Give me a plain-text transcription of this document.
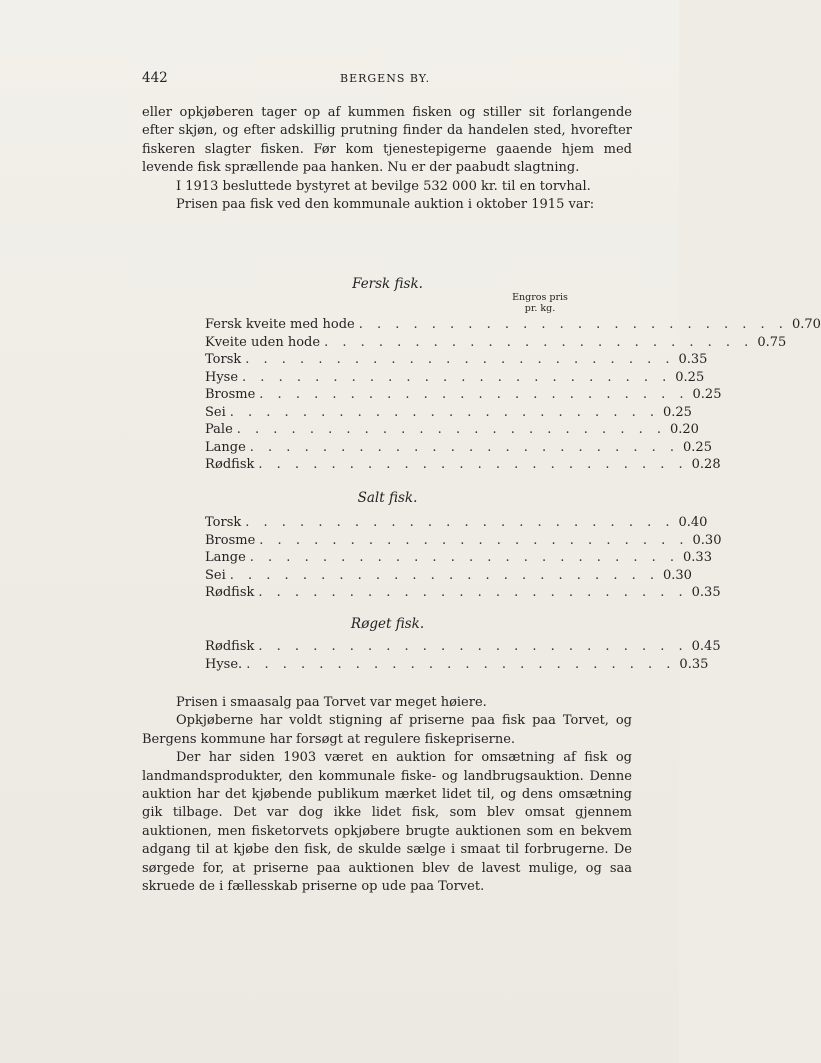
442	BERGENS BY.

eller opkjøberen tager op af kummen fisken og stiller sit forlangende efter skjøn, og efter adskillig prutning finder da handelen sted, hvorefter fiskeren slagter fisken. Før kom tjenestepigerne gaaende hjem med levende fisk sprællende paa hanken. Nu er der paabudt slagtning.

I 1913 besluttede bystyret at bevilge 532 000 kr. til en torvhal.

Prisen paa fisk ved den kommunale auktion i oktober 1915 var:

Fersk fisk.
Engros pris pr. kg.
Fersk kveite med hode . . . . . . . . . . . . . . . . . . . . . . . . 0.70
Kveite uden hode . . . . . . . . . . . . . . . . . . . . . . . . 0.75
Torsk . . . . . . . . . . . . . . . . . . . . . . . . 0.35
Hyse . . . . . . . . . . . . . . . . . . . . . . . . 0.25
Brosme . . . . . . . . . . . . . . . . . . . . . . . . 0.25
Sei . . . . . . . . . . . . . . . . . . . . . . . . 0.25
Pale . . . . . . . . . . . . . . . . . . . . . . . . 0.20
Lange . . . . . . . . . . . . . . . . . . . . . . . . 0.25
Rødfisk . . . . . . . . . . . . . . . . . . . . . . . . 0.28
Salt fisk.
Torsk . . . . . . . . . . . . . . . . . . . . . . . . 0.40
Brosme . . . . . . . . . . . . . . . . . . . . . . . . 0.30
Lange . . . . . . . . . . . . . . . . . . . . . . . . 0.33
Sei . . . . . . . . . . . . . . . . . . . . . . . . 0.30
Rødfisk . . . . . . . . . . . . . . . . . . . . . . . . 0.35
Røget fisk.
Rødfisk . . . . . . . . . . . . . . . . . . . . . . . . 0.45
Hyse. . . . . . . . . . . . . . . . . . . . . . . . . 0.35

Prisen i smaasalg paa Torvet var meget høiere.

Opkjøberne har voldt stigning af priserne paa fisk paa Torvet, og Bergens kommune har forsøgt at regulere fiskepriserne.

Der har siden 1903 været en auktion for omsætning af fisk og landmandsprodukter, den kommunale fiske- og landbrugsauktion. Denne auktion har det kjøbende publikum mærket lidet til, og dens omsætning gik tilbage. Det var dog ikke lidet fisk, som blev omsat gjennem auktionen, men fisketorvets opkjøbere brugte auktionen som en bekvem adgang til at kjøbe den fisk, de skulde sælge i smaat til forbrugerne. De sørgede for, at priserne paa auktionen blev de lavest mulige, og saa skruede de i fællesskab priserne op ude paa Torvet.
